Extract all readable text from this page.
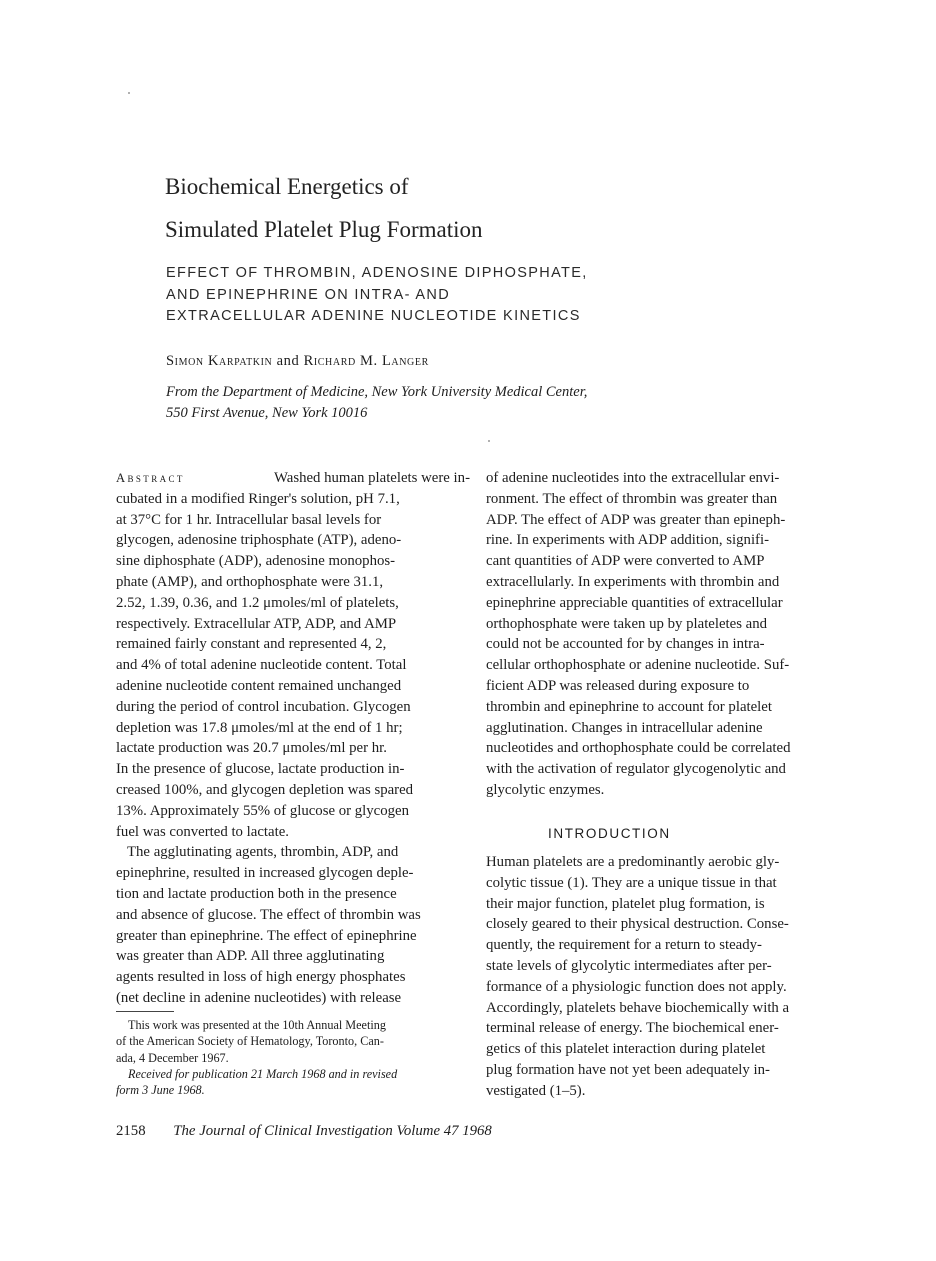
Biochemical Energetics of
Simulated Platelet Plug Formation
EFFECT OF THROMBIN, ADENOSINE DIPHOSPHATE,
AND EPINEPHRINE ON INTRA- AND
EXTRACELLULAR ADENINE NUCLEOTIDE KINETICS
Simon Karpatkin and Richard M. Langer
From the Department of Medicine, New York University Medical Center,
550 First Avenue, New York 10016
Abstract	Washed human platelets were in-
cubated in a modified Ringer's solution, pH 7.1,
at 37°C for 1 hr. Intracellular basal levels for
glycogen, adenosine triphosphate (ATP), adeno-
sine diphosphate (ADP), adenosine monophos-
phate (AMP), and orthophosphate were 31.1,
2.52, 1.39, 0.36, and 1.2 μmoles/ml of platelets,
respectively. Extracellular ATP, ADP, and AMP
remained fairly constant and represented 4, 2,
and 4% of total adenine nucleotide content. Total
adenine nucleotide content remained unchanged
during the period of control incubation. Glycogen
depletion was 17.8 μmoles/ml at the end of 1 hr;
lactate production was 20.7 μmoles/ml per hr.
In the presence of glucose, lactate production in-
creased 100%, and glycogen depletion was spared
13%. Approximately 55% of glucose or glycogen
fuel was converted to lactate.
The agglutinating agents, thrombin, ADP, and
epinephrine, resulted in increased glycogen deple-
tion and lactate production both in the presence
and absence of glucose. The effect of thrombin was
greater than epinephrine. The effect of epinephrine
was greater than ADP. All three agglutinating
agents resulted in loss of high energy phosphates
(net decline in adenine nucleotides) with release
of adenine nucleotides into the extracellular envi-
ronment. The effect of thrombin was greater than
ADP. The effect of ADP was greater than epineph-
rine. In experiments with ADP addition, signifi-
cant quantities of ADP were converted to AMP
extracellularly. In experiments with thrombin and
epinephrine appreciable quantities of extracellular
orthophosphate were taken up by plateletes and
could not be accounted for by changes in intra-
cellular orthophosphate or adenine nucleotide. Suf-
ficient ADP was released during exposure to
thrombin and epinephrine to account for platelet
agglutination. Changes in intracellular adenine
nucleotides and orthophosphate could be correlated
with the activation of regulator glycogenolytic and
glycolytic enzymes.
INTRODUCTION
Human platelets are a predominantly aerobic gly-
colytic tissue (1). They are a unique tissue in that
their major function, platelet plug formation, is
closely geared to their physical destruction. Conse-
quently, the requirement for a return to steady-
state levels of glycolytic intermediates after per-
formance of a physiologic function does not apply.
Accordingly, platelets behave biochemically with a
terminal release of energy. The biochemical ener-
getics of this platelet interaction during platelet
plug formation have not yet been adequately in-
vestigated (1–5).
This work was presented at the 10th Annual Meeting
of the American Society of Hematology, Toronto, Can-
ada, 4 December 1967.
Received for publication 21 March 1968 and in revised
form 3 June 1968.
2158 The Journal of Clinical Investigation Volume 47 1968
